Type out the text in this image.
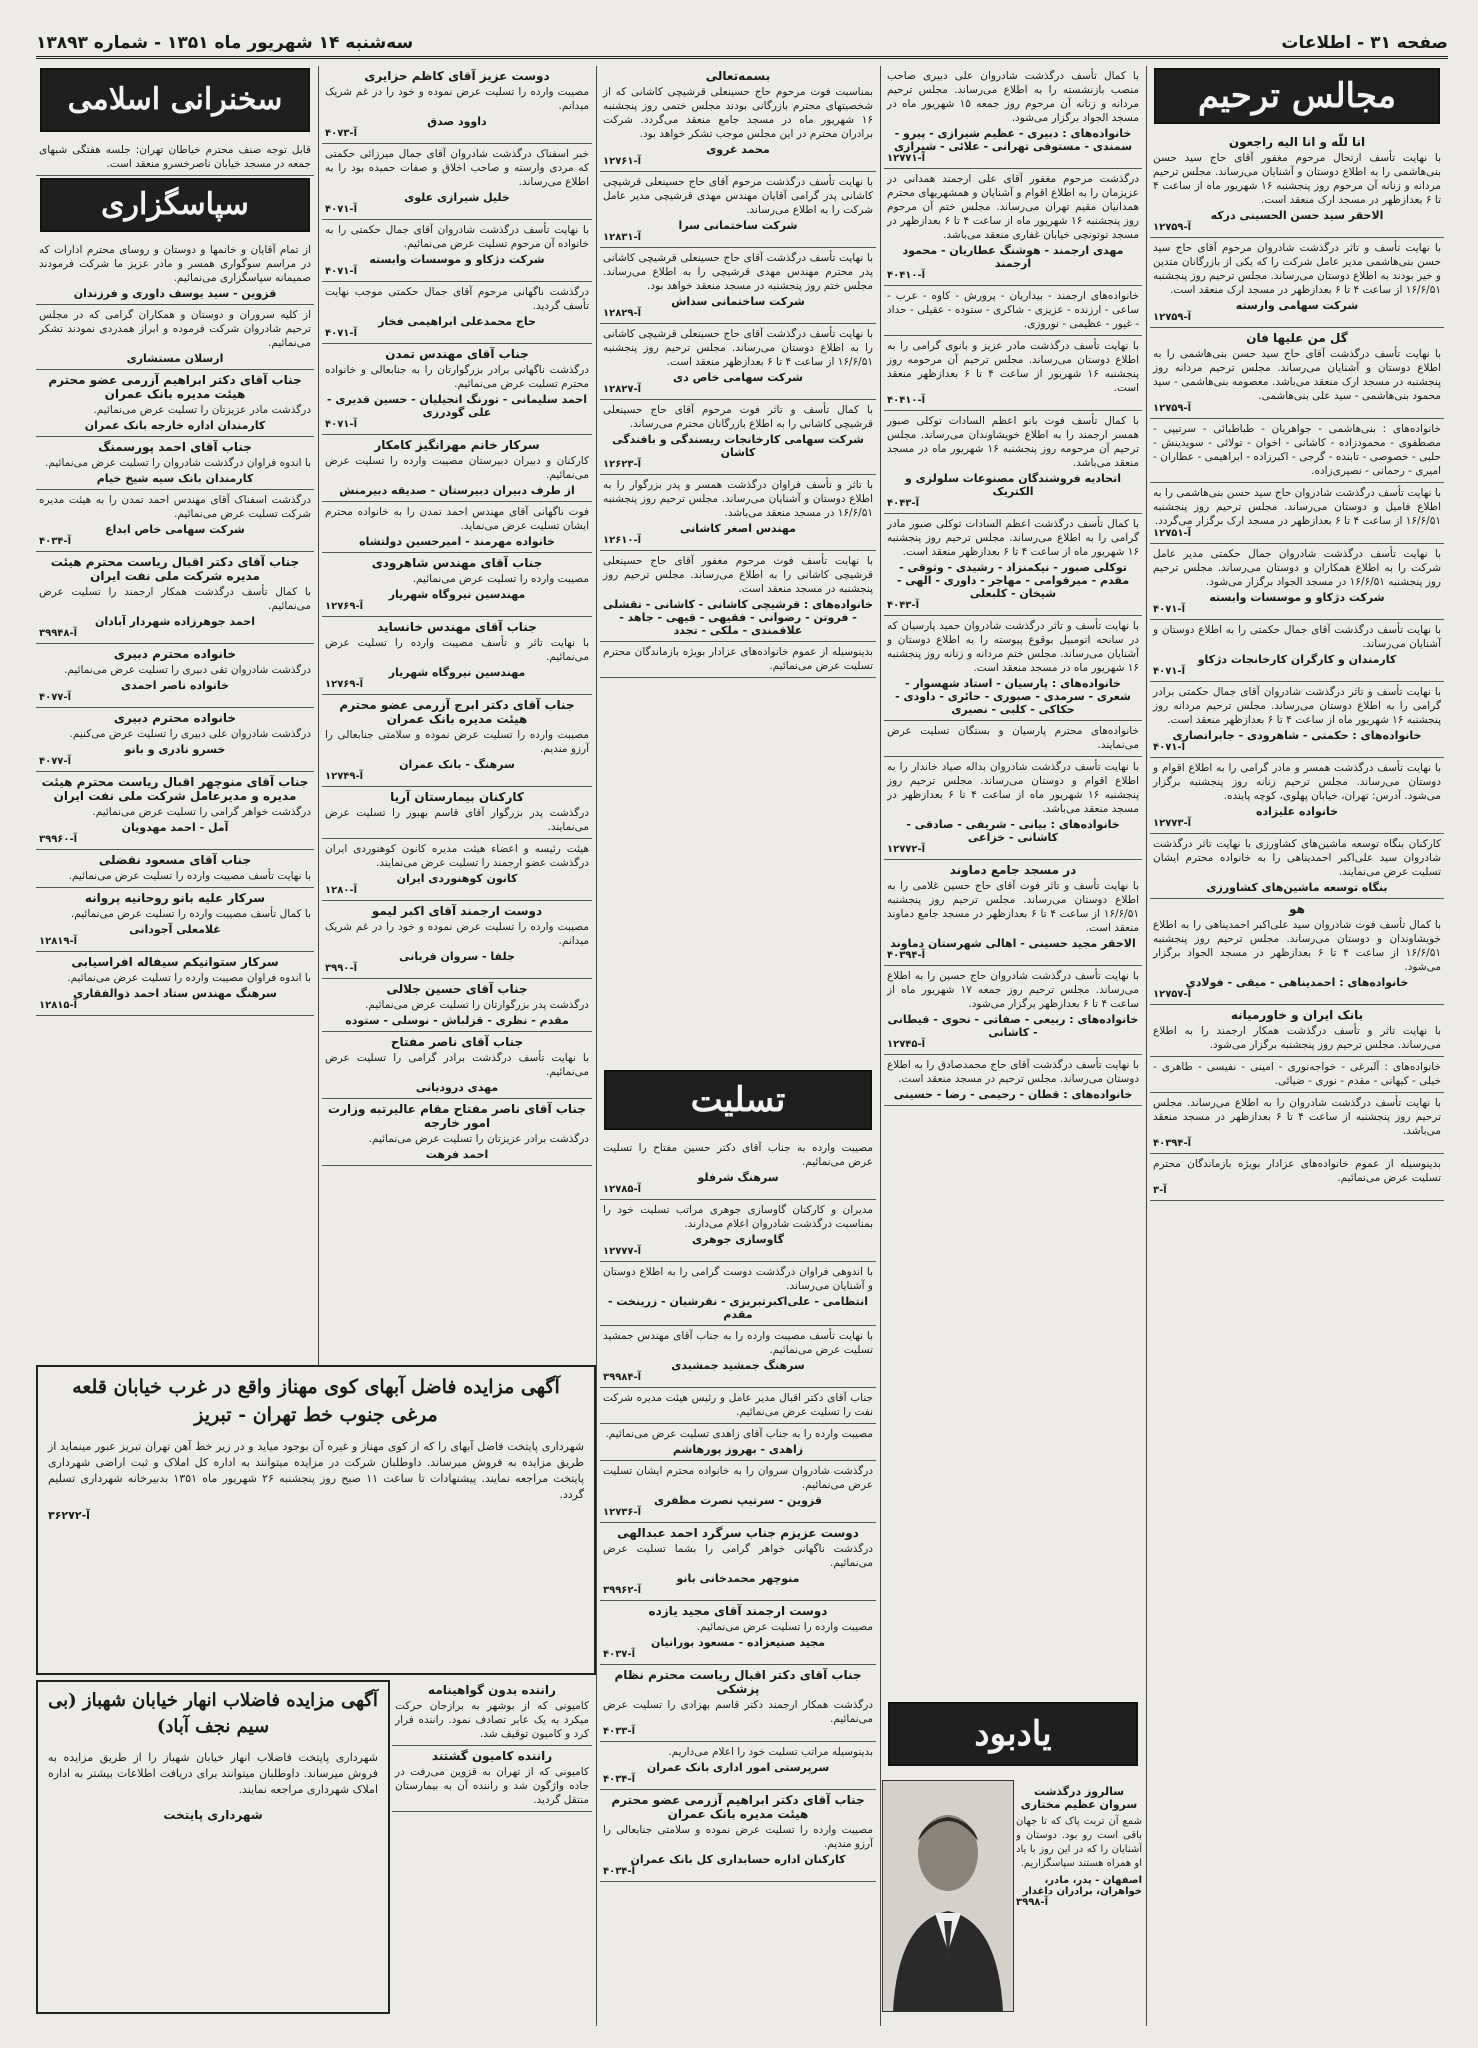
صفحه ۳۱ - اطلاعات
سه‌شنبه ۱۴ شهریور ماه ۱۳۵۱ - شماره ۱۳۸۹۳
مجالس ترحیم
انا للّه و انا الیه راجعون
با نهایت تأسف ارتحال مرحوم مغفور آقای حاج سید حسن بنی‌هاشمی را به اطلاع دوستان و آشنایان می‌رساند. مجلس ترحیم مردانه و زنانه آن مرحوم روز پنجشنبه ۱۶ شهریور ماه از ساعت ۴ تا ۶ بعدازظهر در مسجد ارک منعقد است.
الاحقر سید حسن الحسینی درکه
آ-۱۲۷۵۹
با نهایت تأسف و تاثر درگذشت شادروان مرحوم آقای حاج سید حسن بنی‌هاشمی مدیر عامل شرکت را که یکی از بازرگانان متدین و خیر بودند به اطلاع دوستان می‌رساند. مجلس ترحیم روز پنجشنبه ۱۶/۶/۵۱ از ساعت ۴ تا ۶ بعدازظهر در مسجد ارک منعقد است.
شرکت سهامی وارسته
آ-۱۲۷۵۹
گل من علیها فان
با نهایت تأسف درگذشت آقای حاج سید حسن بنی‌هاشمی را به اطلاع دوستان و آشنایان می‌رساند. مجلس ترحیم مردانه روز پنجشنبه در مسجد ارک منعقد می‌باشد. معصومه بنی‌هاشمی - سید محمود بنی‌هاشمی - سید علی بنی‌هاشمی.
آ-۱۲۷۵۹
خانواده‌های : بنی‌هاشمی - جواهریان - طباطبائی - سرتیپی - مصطفوی - محمودزاده - کاشانی - اخوان - تولائی - سویدینش - حلبی - خصوصی - تابنده - گرجی - اکبرزاده - ابراهیمی - عطاران - امیری - رحمانی - نصیری‌زاده.
با نهایت تأسف درگذشت شادروان حاج سید حسن بنی‌هاشمی را به اطلاع فامیل و دوستان می‌رساند. مجلس ترحیم روز پنجشنبه ۱۶/۶/۵۱ از ساعت ۴ تا ۶ بعدازظهر در مسجد ارک برگزار می‌گردد.
آ-۱۲۷۵۱
با نهایت تأسف درگذشت شادروان جمال حکمتی مدیر عامل شرکت را به اطلاع همکاران و دوستان می‌رساند. مجلس ترحیم روز پنجشنبه ۱۶/۶/۵۱ در مسجد الجواد برگزار می‌شود.
شرکت دژکاو و موسسات وابسته
آ-۴۰۷۱
با نهایت تأسف درگذشت آقای جمال حکمتی را به اطلاع دوستان و آشنایان می‌رساند.
کارمندان و کارگران کارخانجات دژکاو
آ-۴۰۷۱
با نهایت تأسف و تاثر درگذشت شادروان آقای جمال حکمتی برادر گرامی را به اطلاع دوستان می‌رساند. مجلس ترحیم مردانه روز پنجشنبه ۱۶ شهریور ماه از ساعت ۴ تا ۶ بعدازظهر منعقد است.
خانواده‌های : حکمتی - شاهرودی - جابرانصاری
آ-۴۰۷۱
با نهایت تأسف درگذشت همسر و مادر گرامی را به اطلاع اقوام و دوستان می‌رساند. مجلس ترحیم زنانه روز پنجشنبه برگزار می‌شود. آدرس: تهران، خیابان پهلوی، کوچه پاینده.
خانواده علیزاده
آ-۱۲۷۷۳
کارکنان بنگاه توسعه ماشین‌های کشاورزی با نهایت تاثر درگذشت شادروان سید علی‌اکبر احمدیناهی را به خانواده محترم ایشان تسلیت عرض می‌نمایند.
بنگاه توسعه ماشین‌های کشاورزی
هو
با کمال تأسف فوت شادروان سید علی‌اکبر احمدیناهی را به اطلاع خویشاوندان و دوستان می‌رساند. مجلس ترحیم روز پنجشنبه ۱۶/۶/۵۱ از ساعت ۴ تا ۶ بعدازظهر در مسجد الجواد برگزار می‌شود.
خانواده‌های : احمدیناهی - میقی - فولادی
آ-۱۲۷۵۷
بانک ایران و خاورمیانه
با نهایت تاثر و تأسف درگذشت همکار ارجمند را به اطلاع می‌رساند. مجلس ترحیم روز پنجشنبه برگزار می‌شود.
خانواده‌های : آلبرغی - خواجه‌نوری - امینی - نفیسی - طاهری - خیلی - کیهانی - مقدم - نوری - ضیائی.
با نهایت تأسف درگذشت شادروان را به اطلاع می‌رساند. مجلس ترحیم روز پنجشنبه از ساعت ۴ تا ۶ بعدازظهر در مسجد منعقد می‌باشد.
آ-۴۰۳۹۴
بدینوسیله از عموم خانواده‌های عزادار بویژه بازماندگان محترم تسلیت عرض می‌نمائیم.
آ-۳
با کمال تأسف درگذشت شادروان علی دبیری صاحب منصب بازنشسته را به اطلاع می‌رساند. مجلس ترحیم مردانه و زنانه آن مرحوم روز جمعه ۱۵ شهریور ماه در مسجد الجواد برگزار می‌شود.
خانواده‌های : دبیری - عظیم شیرازی - پیرو - سمندی - مستوفی تهرانی - علائی - شیرازی
آ-۱۲۷۷۱
درگذشت مرحوم مغفور آقای علی ارجمند همدانی در عزیزمان را به اطلاع اقوام و آشنایان و همشهریهای محترم همدانیان مقیم تهران می‌رساند. مجلس ختم آن مرحوم روز پنجشنبه ۱۶ شهریور ماه از ساعت ۴ تا ۶ بعدازظهر در مسجد توتونچی خیابان غفاری منعقد می‌باشد.
مهدی ارجمند - هوشنگ عطاریان - محمود ارجمند
آ-۴۰۴۱۰
خانواده‌های ارجمند - بیداریان - پرورش - کاوه - عرب - ساعی - ارزنده - عزیزی - شاکری - ستوده - عقیلی - حداد - غیور - عظیمی - نوروزی.
با نهایت تأسف درگذشت مادر عزیز و بانوی گرامی را به اطلاع دوستان می‌رساند. مجلس ترحیم آن مرحومه روز پنجشنبه ۱۶ شهریور از ساعت ۴ تا ۶ بعدازظهر منعقد است.
آ-۴۰۴۱۰
با کمال تأسف فوت بانو اعظم السادات توکلی صبور همسر ارجمند را به اطلاع خویشاوندان می‌رساند. مجلس ترحیم آن مرحومه روز پنجشنبه ۱۶ شهریور ماه در مسجد منعقد می‌باشد.
اتحادیه فروشندگان مصنوعات سلولزی و الکتریک
آ-۴۰۴۳
با کمال تأسف درگذشت اعظم السادات توکلی صبور مادر گرامی را به اطلاع می‌رساند. مجلس ترحیم روز پنجشنبه ۱۶ شهریور ماه از ساعت ۴ تا ۶ بعدازظهر منعقد است.
توکلی صبور - نیکمنزاد - رشیدی - وثوقی - مقدم - میرقوامی - مهاجر - داوری - الهی - شیخان - کلبعلی
آ-۴۰۴۳
با نهایت تأسف و تاثر درگذشت شادروان حمید پارسیان که در سانحه اتومبیل بوقوع پیوسته را به اطلاع دوستان و آشنایان می‌رساند. مجلس ختم مردانه و زنانه روز پنجشنبه ۱۶ شهریور ماه در مسجد منعقد است.
خانواده‌های : پارسیان - استاد شهسوار - شعری - سرمدی - صبوری - حائری - داودی - حکاکی - کلبی - نصیری
خانواده‌های محترم پارسیان و بستگان تسلیت عرض می‌نمایند.
با نهایت تأسف درگذشت شادروان بداله صیاد خاندار را به اطلاع اقوام و دوستان می‌رساند. مجلس ترحیم روز پنجشنبه ۱۶ شهریور ماه از ساعت ۴ تا ۶ بعدازظهر در مسجد منعقد می‌باشد.
خانواده‌های : بیانی - شریفی - صادقی - کاشانی - خزاعی
آ-۱۲۷۷۲
در مسجد جامع دماوند
با نهایت تأسف و تاثر فوت آقای حاج حسین غلامی را به اطلاع دوستان می‌رساند. مجلس ترحیم روز پنجشنبه ۱۶/۶/۵۱ از ساعت ۴ تا ۶ بعدازظهر در مسجد جامع دماوند منعقد است.
الاحقر مجید حسینی - اهالی شهرستان دماوند
آ-۴۰۳۹۴
با نهایت تأسف درگذشت شادروان حاج حسین را به اطلاع می‌رساند. مجلس ترحیم روز جمعه ۱۷ شهریور ماه از ساعت ۴ تا ۶ بعدازظهر برگزار می‌شود.
خانواده‌های : ربیعی - صفاتی - نحوی - قیطانی - کاشانی
آ-۱۲۷۴۵
با نهایت تأسف درگذشت آقای حاج محمدصادق را به اطلاع دوستان می‌رساند. مجلس ترحیم در مسجد منعقد است.
خانواده‌های : قطان - رحیمی - رضا - حسینی
بسمه‌تعالی
بمناسبت فوت مرحوم حاج حسینعلی قرشیچی کاشانی که از شخصیتهای محترم بازرگانی بودند مجلس ختمی روز پنجشنبه ۱۶ شهریور ماه در مسجد جامع منعقد می‌گردد. شرکت برادران محترم در این مجلس موجب تشکر خواهد بود.
محمد غروی
آ-۱۲۷۶۱
با نهایت تأسف درگذشت مرحوم آقای حاج حسینعلی قرشیچی کاشانی پدر گرامی آقایان مهندس مهدی قرشیچی مدیر عامل شرکت را به اطلاع می‌رساند.
شرکت ساختمانی سرا
آ-۱۲۸۳۱
با نهایت تأسف درگذشت آقای حاج حسینعلی قرشیچی کاشانی پدر محترم مهندس مهدی قرشیچی را به اطلاع می‌رساند. مجلس ختم روز پنجشنبه در مسجد منعقد خواهد بود.
شرکت ساختمانی سداش
آ-۱۲۸۲۹
با نهایت تأسف درگذشت آقای حاج حسینعلی قرشیچی کاشانی را به اطلاع دوستان می‌رساند. مجلس ترحیم روز پنجشنبه ۱۶/۶/۵۱ از ساعت ۴ تا ۶ بعدازظهر منعقد است.
شرکت سهامی خاص دی
آ-۱۲۸۲۷
با کمال تأسف و تاثر فوت مرحوم آقای حاج حسینعلی قرشیچی کاشانی را به اطلاع بازرگانان محترم می‌رساند.
شرکت سهامی کارخانجات ریسندگی و بافندگی کاشان
آ-۱۲۶۲۳
با تاثر و تأسف فراوان درگذشت همسر و پدر بزرگوار را به اطلاع دوستان و آشنایان می‌رساند. مجلس ترحیم روز پنجشنبه ۱۶/۶/۵۱ در مسجد منعقد می‌باشد.
مهندس اصغر کاشانی
آ-۱۲۶۱۰
با نهایت تأسف فوت مرحوم مغفور آقای حاج حسینعلی قرشیچی کاشانی را به اطلاع می‌رساند. مجلس ترحیم روز پنجشنبه در مسجد منعقد است.
خانواده‌های : قرشیچی کاشانی - کاشانی - تقشلی - فروتن - رضوانی - فقیهی - قیهی - جاهد - علاقمندی - ملکی - تجدد
بدینوسیله از عموم خانواده‌های عزادار بویژه بازماندگان محترم تسلیت عرض می‌نمائیم.
تسلیت
مصیبت وارده به جناب آقای دکتر حسین مفتاح را تسلیت عرض می‌نمائیم.
سرهنگ شرفلو
آ-۱۲۷۸۵
مدیران و کارکنان گاوسازی جوهری مراتب تسلیت خود را بمناسبت درگذشت شادروان اعلام می‌دارند.
گاوسازی جوهری
آ-۱۲۷۷۷
با اندوهی فراوان درگذشت دوست گرامی را به اطلاع دوستان و آشنایان می‌رساند.
انتظامی - علی‌اکبرتبریزی - نقرشیان - زرینخت - مقدم
با نهایت تأسف مصیبت وارده را به جناب آقای مهندس جمشید تسلیت عرض می‌نمائیم.
سرهنگ جمشید جمشیدی
آ-۳۹۹۸۴
جناب آقای دکتر اقبال مدیر عامل و رئیس هیئت مدیره شرکت نفت را تسلیت عرض می‌نمائیم.
مصیبت وارده را به جناب آقای زاهدی تسلیت عرض می‌نمائیم.
زاهدی - بهروز پورهاشم
درگذشت شادروان سروان را به خانواده محترم ایشان تسلیت عرض می‌نمائیم.
قزوین - سرتیپ نصرت مظفری
آ-۱۲۷۳۶
دوست عزیزم جناب سرگرد احمد عبدالهی
درگذشت ناگهانی خواهر گرامی را بشما تسلیت عرض می‌نمائیم.
منوچهر محمدخانی بانو
آ-۳۹۹۶۲
دوست ارجمند آقای مجید یازده
مصیبت وارده را تسلیت عرض می‌نمائیم.
مجید صنیعزاده - مسعود بورانیان
آ-۴۰۳۷
جناب آقای دکتر اقبال ریاست محترم نظام پزشکی
درگذشت همکار ارجمند دکتر قاسم بهزادی را تسلیت عرض می‌نمائیم.
آ-۴۰۳۳
بدینوسیله مراتب تسلیت خود را اعلام می‌داریم.
سرپرستی امور اداری بانک عمران
آ-۴۰۳۴
جناب آقای دکتر ابراهیم آزرمی عضو محترم هیئت مدیره بانک عمران
مصیبت وارده را تسلیت عرض نموده و سلامتی جنابعالی را آرزو مندیم.
کارکنان اداره حسابداری کل بانک عمران
آ-۴۰۳۴
دوست عزیز آقای کاظم حزایری
مصیبت وارده را تسلیت عرض نموده و خود را در غم شریک میدانم.
داوود صدق
آ-۴۰۷۳
خبر اسفناک درگذشت شادروان آقای جمال میرزائی حکمتی که مردی وارسته و صاحب اخلاق و صفات حمیده بود را به اطلاع می‌رساند.
خلیل شیرازی علوی
آ-۴۰۷۱
با نهایت تأسف درگذشت شادروان آقای جمال حکمتی را به خانواده آن مرحوم تسلیت عرض می‌نمائیم.
شرکت دژکاو و موسسات وابسته
آ-۴۰۷۱
درگذشت ناگهانی مرحوم آقای جمال حکمتی موجب نهایت تأسف گردید.
حاج محمدعلی ابراهیمی فخار
آ-۴۰۷۱
جناب آقای مهندس تمدن
درگذشت ناگهانی برادر بزرگوارتان را به جنابعالی و خانواده محترم تسلیت عرض می‌نمائیم.
احمد سلیمانی - تورنگ انجیلیان - حسین قدیری - علی گودرزی
آ-۴۰۷۱
سرکار خانم مهرانگیز کامکار
کارکنان و دبیران دبیرستان مصیبت وارده را تسلیت عرض می‌نمائیم.
از طرف دبیران دبیرستان - صدیقه دبیرمنش
فوت ناگهانی آقای مهندس احمد تمدن را به خانواده محترم ایشان تسلیت عرض می‌نماید.
خانواده مهرمند - امیرحسین دولتشاه
جناب آقای مهندس شاهرودی
مصیبت وارده را تسلیت عرض می‌نمائیم.
مهندسین نیروگاه شهریار
آ-۱۲۷۶۹
جناب آقای مهندس خانساید
با نهایت تاثر و تأسف مصیبت وارده را تسلیت عرض می‌نمائیم.
مهندسین نیروگاه شهریار
آ-۱۲۷۶۹
جناب آقای دکتر ابرج آزرمی عضو محترم هیئت مدیره بانک عمران
مصیبت وارده را تسلیت عرض نموده و سلامتی جنابعالی را آرزو مندیم.
سرهنگ - بانک عمران
آ-۱۲۷۴۹
کارکنان بیمارستان آریا
درگذشت پدر بزرگوار آقای قاسم بهبور را تسلیت عرض می‌نمایند.
هیئت رئیسه و اعضاء هیئت مدیره کانون کوهنوردی ایران درگذشت عضو ارجمند را تسلیت عرض می‌نمایند.
کانون کوهنوردی ایران
آ-۱۲۸۰
دوست ارجمند آقای اکبر لیمو
مصیبت وارده را تسلیت عرض نموده و خود را در غم شریک میدانم.
جلفا - سروان قربانی
آ-۳۹۹۰
جناب آقای حسین جلالی
درگذشت پدر بزرگوارتان را تسلیت عرض می‌نمائیم.
مقدم - نظری - قزلباش - نوسلی - ستوده
جناب آقای ناصر مفتاح
با نهایت تأسف درگذشت برادر گرامی را تسلیت عرض می‌نمائیم.
مهدی درودیانی
جناب آقای ناصر مفتاح مقام عالیرتبه وزارت امور خارجه
درگذشت برادر عزیزتان را تسلیت عرض می‌نمائیم.
احمد فرهت
سخنرانی اسلامی
قابل توجه صنف محترم خیاطان تهران: جلسه هفتگی شبهای جمعه در مسجد خیابان ناصرخسرو منعقد است.
سپاسگزاری
از تمام آقایان و خانمها و دوستان و روسای محترم ادارات که در مراسم سوگواری همسر و مادر عزیز ما شرکت فرمودند صمیمانه سپاسگزاری می‌نمائیم.
قزوین - سید یوسف داوری و فرزندان
از کلیه سروران و دوستان و همکاران گرامی که در مجلس ترحیم شادروان شرکت فرموده و ابراز همدردی نمودند تشکر می‌نمائیم.
ارسلان مستشاری
جناب آقای دکتر ابراهیم آزرمی عضو محترم هیئت مدیره بانک عمران
درگذشت مادر عزیزتان را تسلیت عرض می‌نمائیم.
کارمندان اداره خارجه بانک عمران
جناب آقای احمد پورسمنگ
با اندوه فراوان درگذشت شادروان را تسلیت عرض می‌نمائیم.
کارمندان بانک سیه شیخ خیام
درگذشت اسفناک آقای مهندس احمد تمدن را به هیئت مدیره شرکت تسلیت عرض می‌نمائیم.
شرکت سهامی خاص ابداع
آ-۴۰۳۴
جناب آقای دکتر اقبال ریاست محترم هیئت مدیره شرکت ملی نفت ایران
با کمال تأسف درگذشت همکار ارجمند را تسلیت عرض می‌نمائیم.
احمد جوهرزاده شهردار آبادان
آ-۳۹۹۴۸
خانواده محترم دبیری
درگذشت شادروان تقی دبیری را تسلیت عرض می‌نمائیم.
خانواده ناصر احمدی
آ-۴۰۷۷
خانواده محترم دبیری
درگذشت شادروان علی دبیری را تسلیت عرض می‌کنیم.
خسرو نادری و بانو
آ-۴۰۷۷
جناب آقای منوچهر اقبال ریاست محترم هیئت مدیره و مدیرعامل شرکت ملی نفت ایران
درگذشت خواهر گرامی را تسلیت عرض می‌نمائیم.
آمل - احمد مهدویان
آ-۳۹۹۶۰
جناب آقای مسعود نقضلی
با نهایت تأسف مصیبت وارده را تسلیت عرض می‌نمائیم.
سرکار علیه بانو روحانیه پروانه
با کمال تأسف مصیبت وارده را تسلیت عرض می‌نمائیم.
غلامعلی آجودانی
آ-۱۲۸۱۹
سرکار ستوانیکم سیفاله افراسیابی
با اندوه فراوان مصیبت وارده را تسلیت عرض می‌نمائیم.
سرهنگ مهندس ستاد احمد ذوالفقاری
آ-۱۲۸۱۵
آگهی مزایده فاضل آبهای کوی مهناز واقع در غرب خیابان قلعه مرغی جنوب خط تهران - تبریز
شهرداری پایتخت فاضل آبهای را که از کوی مهناز و غیره آن بوجود میاید و در زیر خط آهن تهران تبریز عبور مینماید از طریق مزایده به فروش میرساند. داوطلبان شرکت در مزایده میتوانند به اداره کل املاک و ثبت اراضی شهرداری پایتخت مراجعه نمایند. پیشنهادات تا ساعت ۱۱ صبح روز پنجشنبه ۲۶ شهریور ماه ۱۳۵۱ بدبیرخانه شهرداری تسلیم گردد.
آ-۳۶۲۷۲
آگهی مزایده فاضلاب انهار خیابان شهباز (بی سیم نجف آباد)
شهرداری پایتخت فاضلاب انهار خیابان شهباز را از طریق مزایده به فروش میرساند. داوطلبان میتوانند برای دریافت اطلاعات بیشتر به اداره املاک شهرداری مراجعه نمایند.
شهرداری پایتخت
راننده بدون گواهینامه
کامیونی که از بوشهر به برازجان حرکت میکرد به یک عابر تصادف نمود. راننده فرار کرد و کامیون توقیف شد.
راننده کامیون گشتند
کامیونی که از تهران به قزوین می‌رفت در جاده واژگون شد و راننده آن به بیمارستان منتقل گردید.
یادبود
سالروز درگذشت سروان عظیم مختاری
شمع آن تربت پاک که تا جهان باقی است رو بود. دوستان و آشنایان را که در این روز با یاد او همراه هستند سپاسگزاریم.
اصفهان - پدر، مادر، خواهران، برادران داغدار
آ-۳۹۹۸
